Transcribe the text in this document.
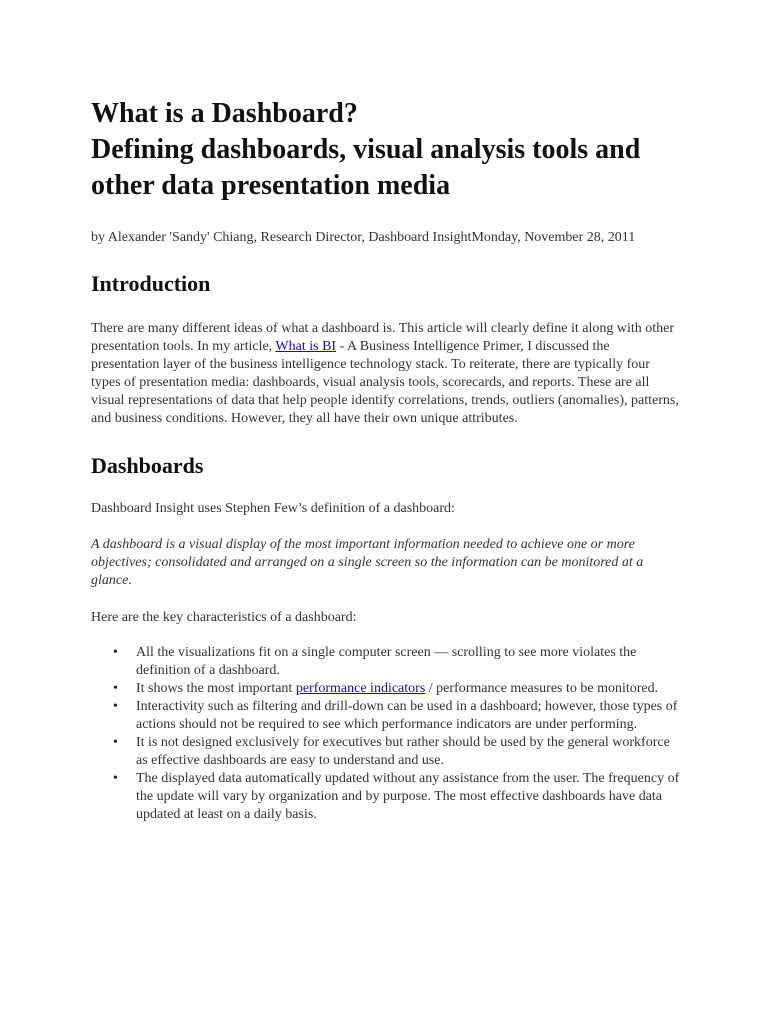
What is a Dashboard?
Defining dashboards, visual analysis tools and other data presentation media

by Alexander 'Sandy' Chiang, Research Director, Dashboard InsightMonday, November 28, 2011

Introduction

There are many different ideas of what a dashboard is. This article will clearly define it along with other presentation tools. In my article, What is BI - A Business Intelligence Primer, I discussed the presentation layer of the business intelligence technology stack. To reiterate, there are typically four types of presentation media: dashboards, visual analysis tools, scorecards, and reports. These are all visual representations of data that help people identify correlations, trends, outliers (anomalies), patterns, and business conditions. However, they all have their own unique attributes.

Dashboards

Dashboard Insight uses Stephen Few’s definition of a dashboard:

A dashboard is a visual display of the most important information needed to achieve one or more objectives; consolidated and arranged on a single screen so the information can be monitored at a glance.

Here are the key characteristics of a dashboard:

• All the visualizations fit on a single computer screen — scrolling to see more violates the definition of a dashboard.
• It shows the most important performance indicators / performance measures to be monitored.
• Interactivity such as filtering and drill-down can be used in a dashboard; however, those types of actions should not be required to see which performance indicators are under performing.
• It is not designed exclusively for executives but rather should be used by the general workforce as effective dashboards are easy to understand and use.
• The displayed data automatically updated without any assistance from the user. The frequency of the update will vary by organization and by purpose. The most effective dashboards have data updated at least on a daily basis.
